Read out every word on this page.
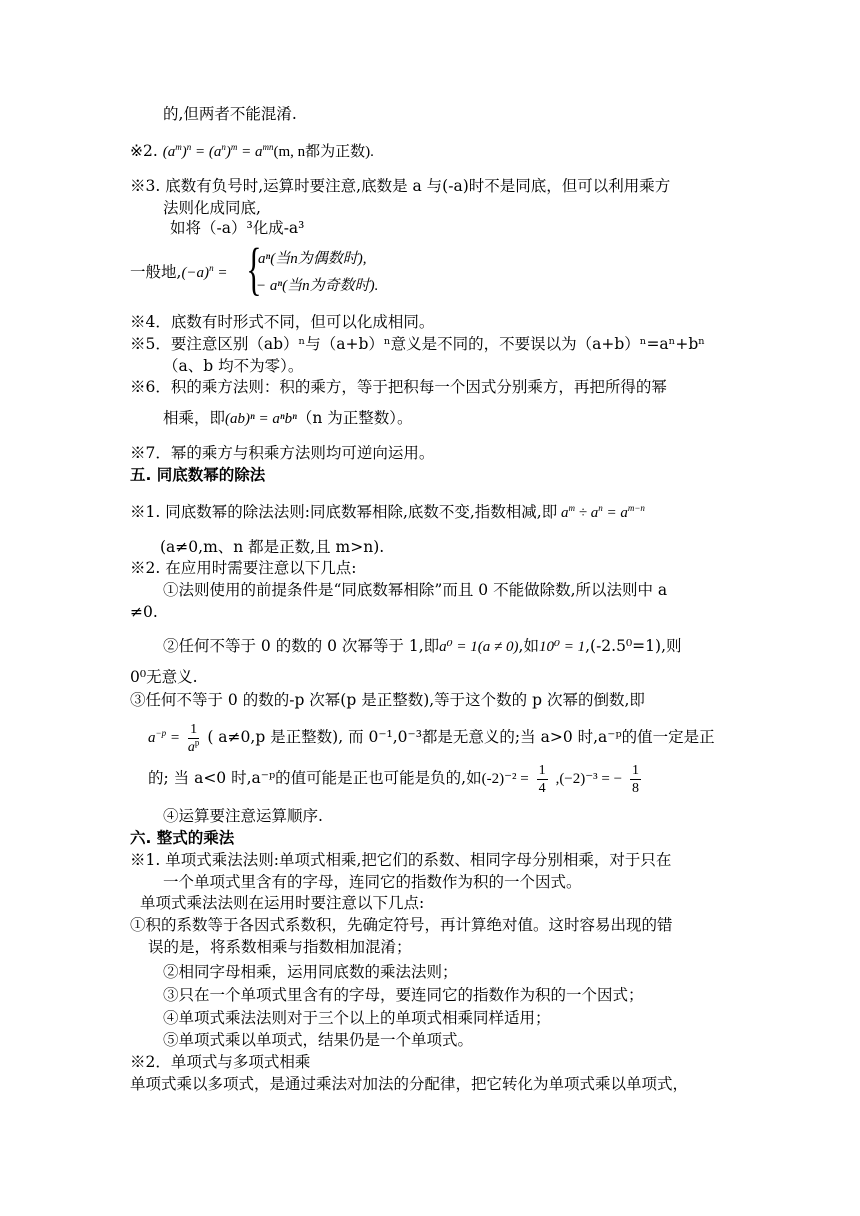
的,但两者不能混淆.
※2. $(a^m)^n = (a^n)^m = a^{mn}(m$, n都为正数).
※3. 底数有负号时,运算时要注意,底数是 a 与(-a)时不是同底，但可以利用乘方
法则化成同底,
如将（-a）³化成-a³
一般地$,(-a)^n$ = {
aⁿ(当n为偶数时),
− aⁿ(当n为奇数时).
※4．底数有时形式不同，但可以化成相同。
※5．要注意区别（ab）ⁿ与（a+b）ⁿ意义是不同的，不要误以为（a+b）ⁿ=aⁿ+bⁿ
（a、b 均不为零）。
※6．积的乘方法则：积的乘方，等于把积每一个因式分别乘方，再把所得的幂
相乘，即(ab)ⁿ = aⁿbⁿ（n 为正整数）。
※7．幂的乘方与积乘方法则均可逆向运用。
五. 同底数幂的除法
※1. 同底数幂的除法法则:同底数幂相除,底数不变,指数相减,即 $a^m \div a^n = a^{m-n}$
(a≠0,m、n 都是正数,且 m>n).
※2. 在应用时需要注意以下几点:
①法则使用的前提条件是“同底数幂相除”而且 0 不能做除数,所以法则中 a
≠0.
②任何不等于 0 的数的 0 次幂等于 1,即a⁰ = 1(a ≠ 0),如10⁰ = 1,(-2.5⁰=1),则
0⁰无意义.
③任何不等于 0 的数的-p 次幂(p 是正整数),等于这个数的 p 次幂的倒数,即
$a^{-p} = \frac{1}{a^p}$ ( a≠0,p 是正整数), 而 0⁻¹,0⁻³都是无意义的;当 a>0 时,a⁻ᵖ的值一定是正
的; 当 a<0 时,a⁻ᵖ的值可能是正也可能是负的,如$(-2)^{-2} = \frac{1}{4} ,(-2)^{-3}$ = − $\frac{1}{8}$
④运算要注意运算顺序.
六. 整式的乘法
※1. 单项式乘法法则:单项式相乘,把它们的系数、相同字母分别相乘，对于只在
一个单项式里含有的字母，连同它的指数作为积的一个因式。
单项式乘法法则在运用时要注意以下几点:
①积的系数等于各因式系数积，先确定符号，再计算绝对值。这时容易出现的错
误的是，将系数相乘与指数相加混淆；
②相同字母相乘，运用同底数的乘法法则；
③只在一个单项式里含有的字母，要连同它的指数作为积的一个因式；
④单项式乘法法则对于三个以上的单项式相乘同样适用；
⑤单项式乘以单项式，结果仍是一个单项式。
※2．单项式与多项式相乘
单项式乘以多项式，是通过乘法对加法的分配律，把它转化为单项式乘以单项式，
